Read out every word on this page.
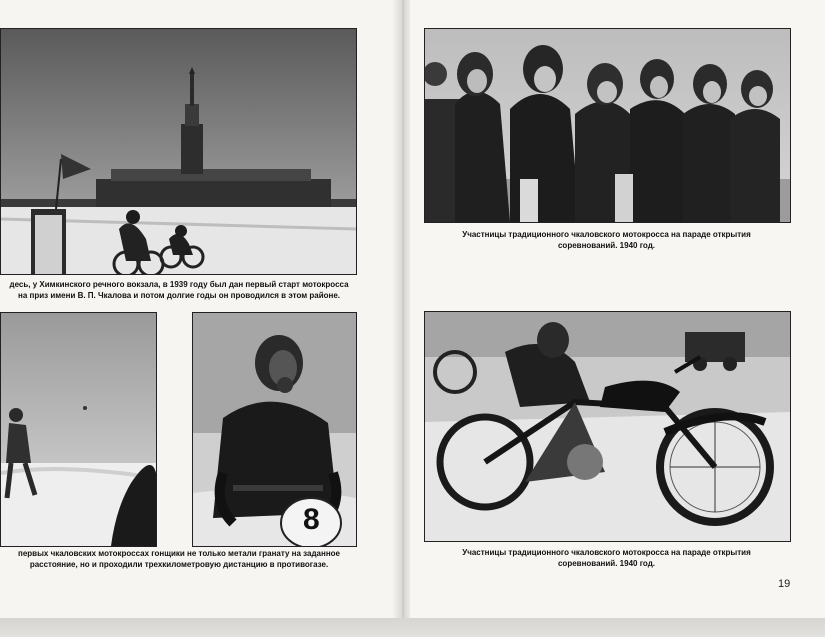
десь, у Химкинского речного вокзала, в 1939 году был дан первый старт мотокросса
на приз имени В. П. Чкалова и потом долгие годы он проводился в этом районе.

8

первых чкаловских мотокроссах гонщики не только метали гранату на заданное
расстояние, но и проходили трехкилометровую дистанцию в противогазе.

Участницы традиционного чкаловского мотокросса на параде открытия
соревнований. 1940 год.

Участницы традиционного чкаловского мотокросса на параде открытия
соревнований. 1940 год.

19
